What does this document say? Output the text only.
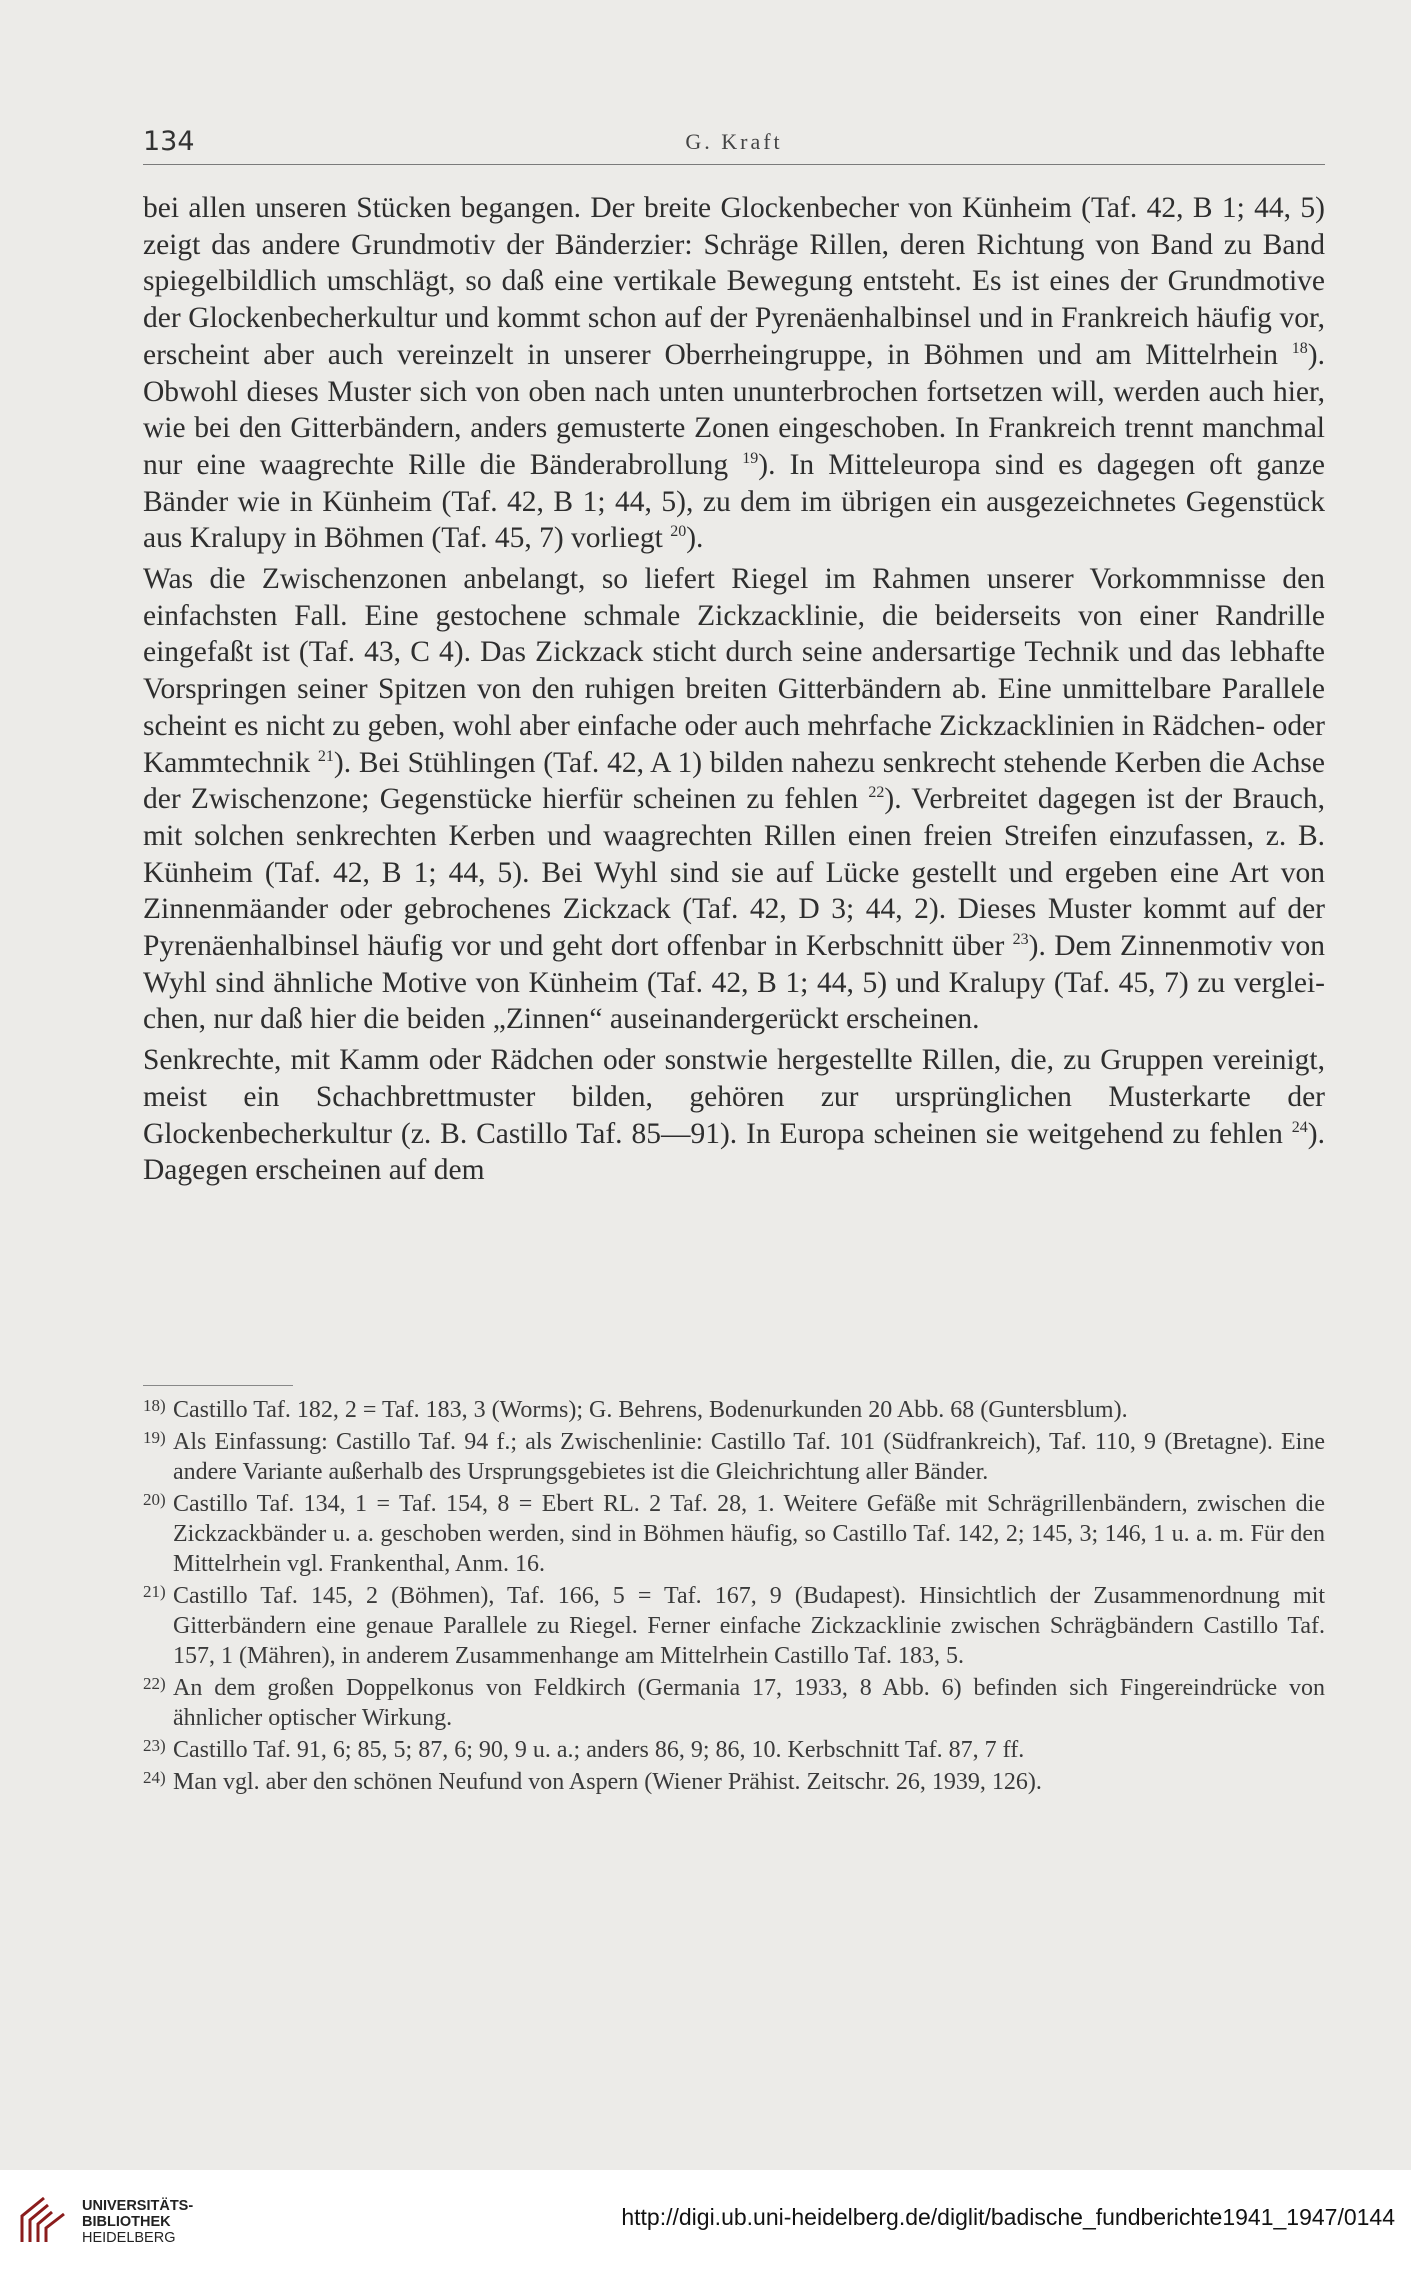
134	G. Kraft

bei allen unseren Stücken begangen. Der breite Glockenbecher von Künheim (Taf. 42, B 1; 44, 5) zeigt das andere Grundmotiv der Bänderzier: Schräge Rillen, deren Richtung von Band zu Band spiegelbildlich umschlägt, so daß eine vertikale Bewegung entsteht. Es ist eines der Grundmotive der Glockenbecherkultur und kommt schon auf der Pyrenäenhalbinsel und in Frankreich häufig vor, erscheint aber auch vereinzelt in unserer Oberrheingruppe, in Böhmen und am Mittelrhein $^{18}$). Obwohl dieses Muster sich von oben nach unten ununterbrochen fortsetzen will, werden auch hier, wie bei den Gitterbändern, anders gemusterte Zonen eingeschoben. In Frankreich trennt manchmal nur eine waagrechte Rille die Bänderabrollung $^{19}$). In Mitteleuropa sind es dagegen oft ganze Bänder wie in Künheim (Taf. 42, B 1; 44, 5), zu dem im übrigen ein ausgezeichnetes Gegenstück aus Kralupy in Böhmen (Taf. 45, 7) vorliegt $^{20}$).

Was die Zwischenzonen anbelangt, so liefert Riegel im Rahmen unserer Vorkommnisse den einfachsten Fall. Eine gestochene schmale Zickzacklinie, die beiderseits von einer Randrille eingefaßt ist (Taf. 43, C 4). Das Zickzack sticht durch seine andersartige Technik und das lebhafte Vorspringen seiner Spitzen von den ruhigen breiten Gitterbändern ab. Eine unmittelbare Parallele scheint es nicht zu geben, wohl aber einfache oder auch mehrfache Zickzacklinien in Rädchen- oder Kammtechnik $^{21}$). Bei Stühlingen (Taf. 42, A 1) bilden nahezu senkrecht stehende Kerben die Achse der Zwischenzone; Gegenstücke hierfür scheinen zu fehlen $^{22}$). Verbreitet dagegen ist der Brauch, mit solchen senkrechten Kerben und waagrechten Rillen einen freien Streifen einzufassen, z. B. Künheim (Taf. 42, B 1; 44, 5). Bei Wyhl sind sie auf Lücke gestellt und ergeben eine Art von Zinnenmäander oder gebrochenes Zickzack (Taf. 42, D 3; 44, 2). Dieses Muster kommt auf der Pyrenäenhalbinsel häufig vor und geht dort offenbar in Kerbschnitt über $^{23}$). Dem Zinnenmotiv von Wyhl sind ähnliche Motive von Künheim (Taf. 42, B 1; 44, 5) und Kralupy (Taf. 45, 7) zu vergleichen, nur daß hier die beiden „Zinnen“ auseinandergerückt erscheinen.

Senkrechte, mit Kamm oder Rädchen oder sonstwie hergestellte Rillen, die, zu Gruppen vereinigt, meist ein Schachbrettmuster bilden, gehören zur ursprünglichen Musterkarte der Glockenbecherkultur (z. B. Castillo Taf. 85—91). In Europa scheinen sie weitgehend zu fehlen $^{24}$). Dagegen erscheinen auf dem

18) Castillo Taf. 182, 2 = Taf. 183, 3 (Worms); G. Behrens, Bodenurkunden 20 Abb. 68 (Guntersblum).
19) Als Einfassung: Castillo Taf. 94 f.; als Zwischenlinie: Castillo Taf. 101 (Südfrankreich), Taf. 110, 9 (Bretagne). Eine andere Variante außerhalb des Ursprungsgebietes ist die Gleichrichtung aller Bänder.
20) Castillo Taf. 134, 1 = Taf. 154, 8 = Ebert RL. 2 Taf. 28, 1. Weitere Gefäße mit Schrägrillenbändern, zwischen die Zickzackbänder u. a. geschoben werden, sind in Böhmen häufig, so Castillo Taf. 142, 2; 145, 3; 146, 1 u. a. m. Für den Mittelrhein vgl. Frankenthal, Anm. 16.
21) Castillo Taf. 145, 2 (Böhmen), Taf. 166, 5 = Taf. 167, 9 (Budapest). Hinsichtlich der Zusammenordnung mit Gitterbändern eine genaue Parallele zu Riegel. Ferner einfache Zickzacklinie zwischen Schrägbändern Castillo Taf. 157, 1 (Mähren), in anderem Zusammenhange am Mittelrhein Castillo Taf. 183, 5.
22) An dem großen Doppelkonus von Feldkirch (Germania 17, 1933, 8 Abb. 6) befinden sich Fingereindrücke von ähnlicher optischer Wirkung.
23) Castillo Taf. 91, 6; 85, 5; 87, 6; 90, 9 u. a.; anders 86, 9; 86, 10. Kerbschnitt Taf. 87, 7 ff.
24) Man vgl. aber den schönen Neufund von Aspern (Wiener Prähist. Zeitschr. 26, 1939, 126).
UNIVERSITÄTS-
BIBLIOTHEK
HEIDELBERG
http://digi.ub.uni-heidelberg.de/diglit/badische_fundberichte1941_1947/0144
